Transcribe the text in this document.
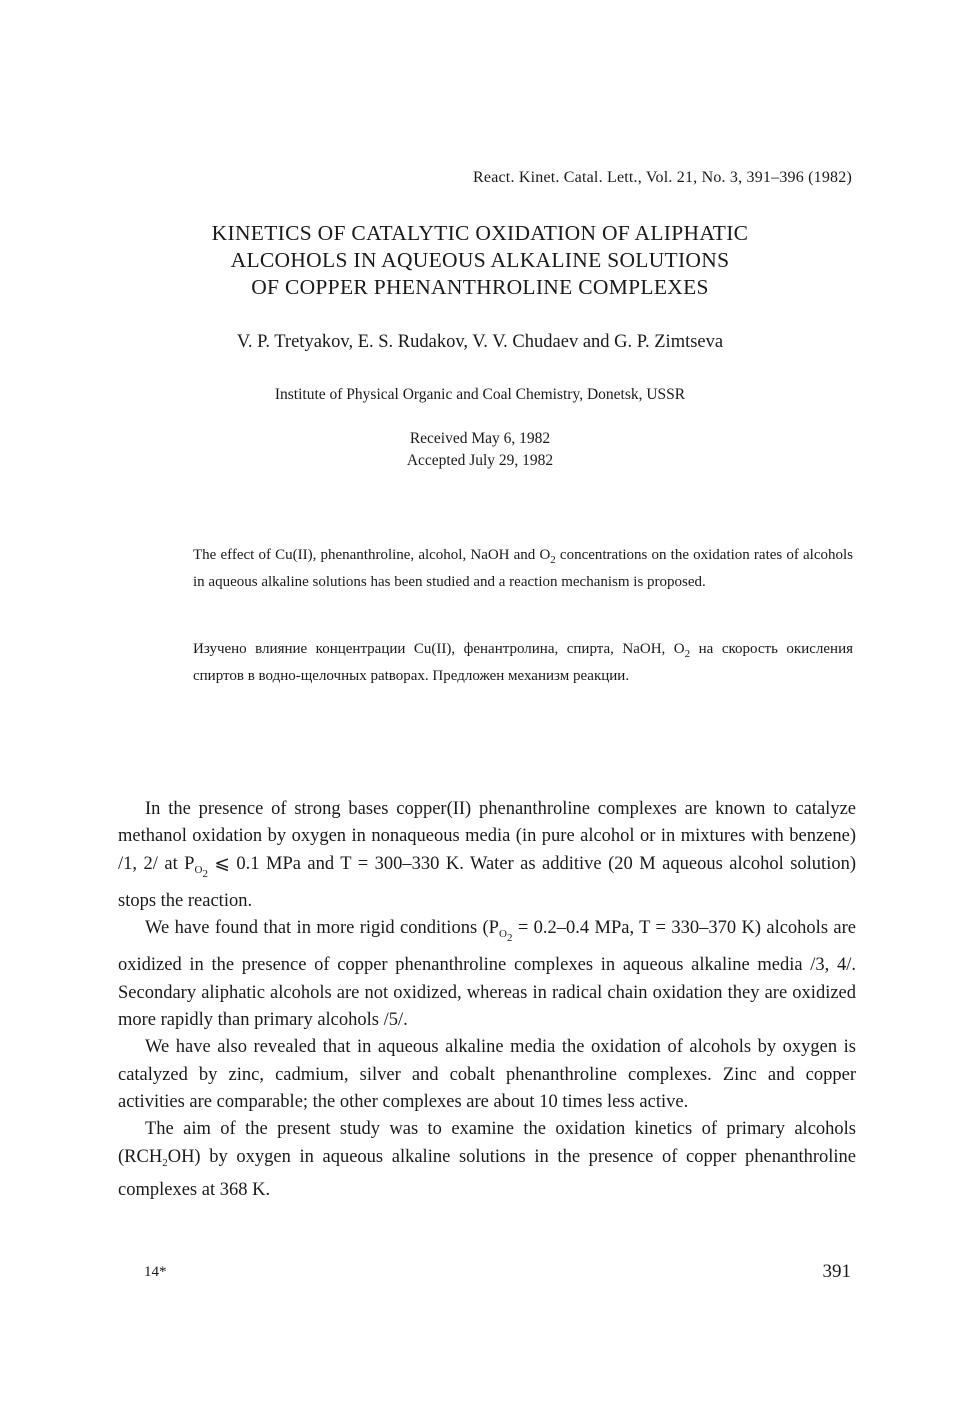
React. Kinet. Catal. Lett., Vol. 21, No. 3, 391–396 (1982)
KINETICS OF CATALYTIC OXIDATION OF ALIPHATIC
ALCOHOLS IN AQUEOUS ALKALINE SOLUTIONS
OF COPPER PHENANTHROLINE COMPLEXES
V. P. Tretyakov, E. S. Rudakov, V. V. Chudaev and G. P. Zimtseva
Institute of Physical Organic and Coal Chemistry, Donetsk, USSR
Received May 6, 1982
Accepted July 29, 1982
The effect of Cu(II), phenanthroline, alcohol, NaOH and $O_2$ concentrations on the oxidation rates of alcohols in aqueous alkaline solutions has been studied and a reaction mechanism is proposed.
Изучено влияние концентрации Cu(II), фенантролина, спирта, NaOH, $O_2$ на скорость окисления спиртов в водно-щелочных раtворах. Предложен механизм реакции.

In the presence of strong bases copper(II) phenanthroline complexes are known to catalyze methanol oxidation by oxygen in nonaqueous media (in pure alcohol or in mixtures with benzene) /1, 2/ at $P_{O2}$ ⩽ 0.1 MPa and T = 300–330 K. Water as additive (20 M aqueous alcohol solution) stops the reaction.

We have found that in more rigid conditions ($P_{O2} = 0.2-0.4$ MPa, T = 330–370 K) alcohols are oxidized in the presence of copper phenanthroline complexes in aqueous alkaline media /3, 4/. Secondary aliphatic alcohols are not oxidized, whereas in radical chain oxidation they are oxidized more rapidly than primary alcohols /5/.

We have also revealed that in aqueous alkaline media the oxidation of alcohols by oxygen is catalyzed by zinc, cadmium, silver and cobalt phenanthroline complexes. Zinc and copper activities are comparable; the other complexes are about 10 times less active.

The aim of the present study was to examine the oxidation kinetics of primary alcohols $(RCH_2OH)$ by oxygen in aqueous alkaline solutions in the presence of copper phenanthroline complexes at 368 K.

14*	391
